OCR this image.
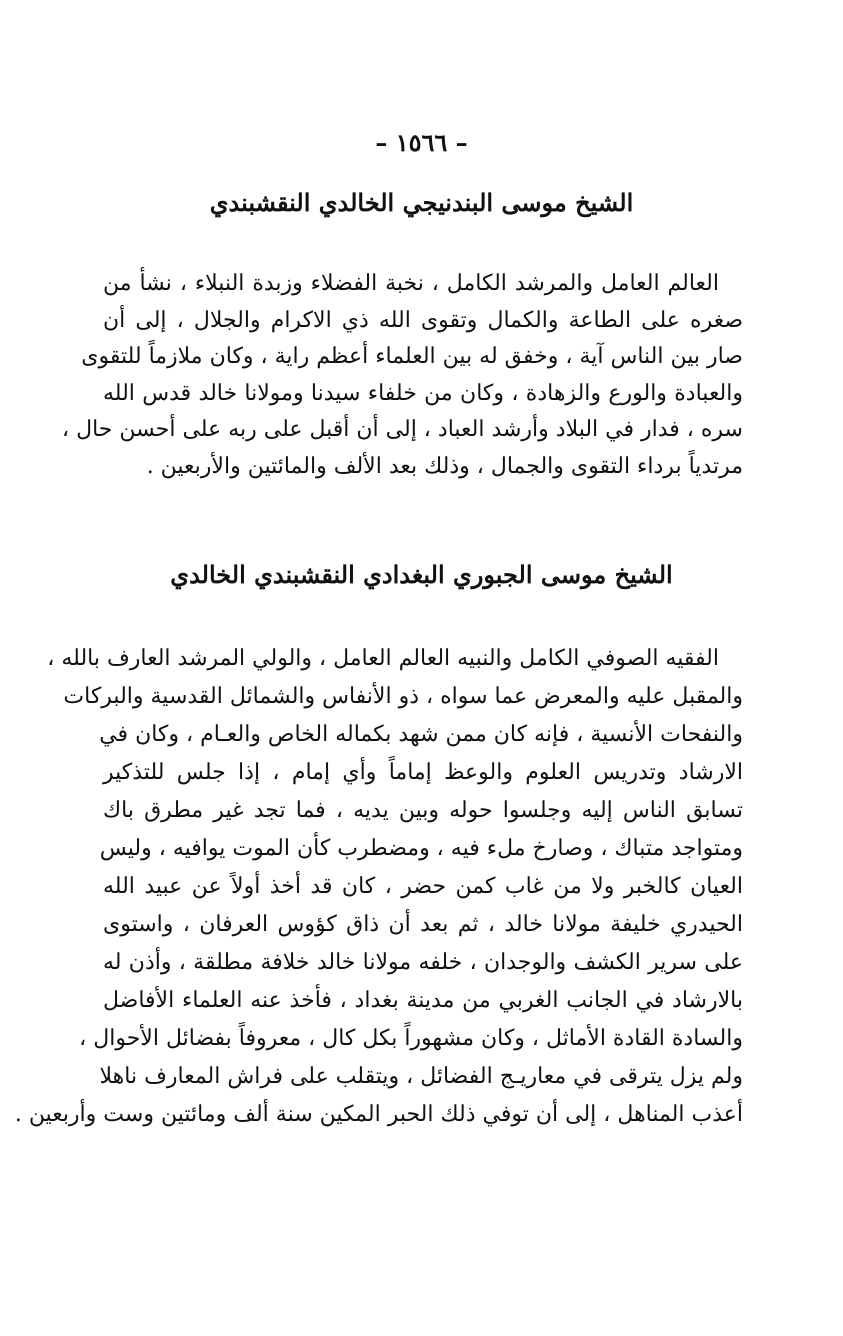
– ١٥٦٦ –
الشيخ موسى البندنيجي الخالدي النقشبندي
العالم العامل والمرشد الكامل ، نخبة الفضلاء وزبدة النبلاء ، نشأ من
صغره على الطاعة والكمال وتقوى الله ذي الاكرام والجلال ، إلى أن
صار بين الناس آية ، وخفق له بين العلماء أعظم راية ، وكان ملازماً للتقوى
والعبادة والورع والزهادة ، وكان من خلفاء سيدنا ومولانا خالد قدس الله
سره ، فدار في البلاد وأرشد العباد ، إلى أن أقبل على ربه على أحسن حال ،
مرتدياً برداء التقوى والجمال ، وذلك بعد الألف والمائتين والأربعين .
الشيخ موسى الجبوري البغدادي النقشبندي الخالدي
الفقيه الصوفي الكامل والنبيه العالم العامل ، والولي المرشد العارف بالله ،
والمقبل عليه والمعرض عما سواه ، ذو الأنفاس والشمائل القدسية والبركات
والنفحات الأنسية ، فإنه كان ممن شهد بكماله الخاص والعـام ، وكان في
الارشاد وتدريس العلوم والوعظ إماماً وأي إمام ، إذا جلس للتذكير
تسابق الناس إليه وجلسوا حوله وبين يديه ، فما تجد غير مطرق باك
ومتواجد متباك ، وصارخ ملء فيه ، ومضطرب كأن الموت يوافيه ، وليس
العيان كالخبر ولا من غاب كمن حضر ، كان قد أخذ أولاً عن عبيد الله
الحيدري خليفة مولانا خالد ، ثم بعد أن ذاق كؤوس العرفان ، واستوى
على سرير الكشف والوجدان ، خلفه مولانا خالد خلافة مطلقة ، وأذن له
بالارشاد في الجانب الغربي من مدينة بغداد ، فأخذ عنه العلماء الأفاضل
والسادة القادة الأماثل ، وكان مشهوراً بكل كال ، معروفاً بفضائل الأحوال ،
ولم يزل يترقى في معاريـج الفضائل ، ويتقلب على فراش المعارف ناهلا
أعذب المناهل ، إلى أن توفي ذلك الحبر المكين سنة ألف ومائتين وست وأربعين .
